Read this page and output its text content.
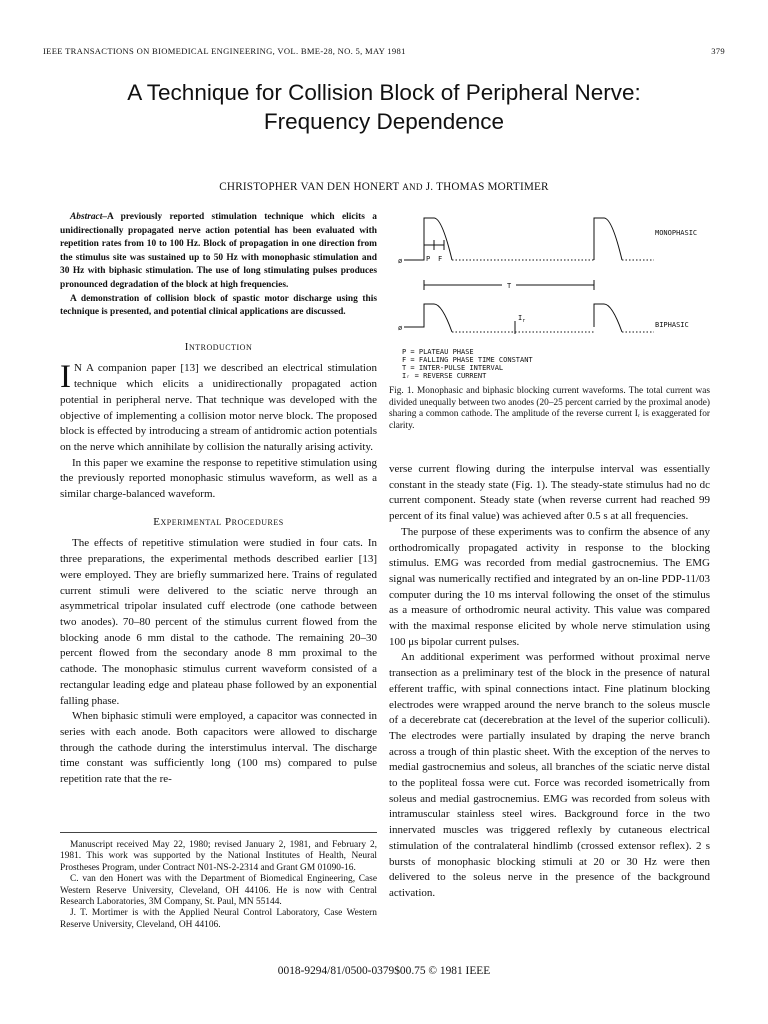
IEEE TRANSACTIONS ON BIOMEDICAL ENGINEERING, VOL. BME-28, NO. 5, MAY 1981	379
A Technique for Collision Block of Peripheral Nerve:
Frequency Dependence
CHRISTOPHER VAN DEN HONERT AND J. THOMAS MORTIMER

Abstract–A previously reported stimulation technique which elicits a unidirectionally propagated nerve action potential has been evaluated with repetition rates from 10 to 100 Hz. Block of propagation in one direction from the stimulus site was sustained up to 50 Hz with monophasic stimulation and 30 Hz with biphasic stimulation. The use of long stimulating pulses produces pronounced degradation of the block at high frequencies.

A demonstration of collision block of spastic motor discharge using this technique is presented, and potential clinical applications are discussed.

Introduction

I N A companion paper [13] we described an electrical stimulation technique which elicits a unidirectionally propagated action potential in peripheral nerve. That technique was developed with the objective of implementing a collision motor nerve block. The proposed block is effected by introducing a stream of antidromic action potentials on the nerve which annihilate by collision the naturally arising activity.

In this paper we examine the response to repetitive stimulation using the previously reported monophasic stimulus waveform, as well as a similar charge-balanced waveform.

Experimental Procedures

The effects of repetitive stimulation were studied in four cats. In three preparations, the experimental methods described earlier [13] were employed. They are briefly summarized here. Trains of regulated current stimuli were delivered to the sciatic nerve through an asymmetrical tripolar insulated cuff electrode (one cathode between two anodes). 70–80 percent of the stimulus current flowed from the blocking anode 6 mm distal to the cathode. The remaining 20–30 percent flowed from the secondary anode 8 mm proximal to the cathode. The monophasic stimulus current waveform consisted of a rectangular leading edge and plateau phase followed by an exponential falling phase.

When biphasic stimuli were employed, a capacitor was connected in series with each anode. Both capacitors were allowed to discharge through the cathode during the interstimulus interval. The discharge time constant was sufficiently long (100 ms) compared to pulse repetition rate that the re-

Manuscript received May 22, 1980; revised January 2, 1981, and February 2, 1981. This work was supported by the National Institutes of Health, Neural Prostheses Program, under Contract N01-NS-2-2314 and Grant GM 01090-16.

C. van den Honert was with the Department of Biomedical Engineering, Case Western Reserve University, Cleveland, OH 44106. He is now with Central Research Laboratories, 3M Company, St. Paul, MN 55144.

J. T. Mortimer is with the Applied Neural Control Laboratory, Case Western Reserve University, Cleveland, OH 44106.

ø
MONOPHASIC
P F
T
ø
$I_r$	BIPHASIC
P = PLATEAU PHASE
F = FALLING PHASE TIME CONSTANT
T = INTER-PULSE INTERVAL
Iᵣ = REVERSE CURRENT
Fig. 1. Monophasic and biphasic blocking current waveforms. The total current was divided unequally between two anodes (20–25 percent carried by the proximal anode) sharing a common cathode. The amplitude of the reverse current Iᵣ is exaggerated for clarity.

verse current flowing during the interpulse interval was essentially constant in the steady state (Fig. 1). The steady-state stimulus had no dc current component. Steady state (when reverse current had reached 99 percent of its final value) was achieved after 0.5 s at all frequencies.

The purpose of these experiments was to confirm the absence of any orthodromically propagated activity in response to the blocking stimulus. EMG was recorded from medial gastrocnemius. The EMG signal was numerically rectified and integrated by an on-line PDP-11/03 computer during the 10 ms interval following the onset of the stimulus as a measure of orthodromic neural activity. This value was compared with the maximal response elicited by whole nerve stimulation using 100 μs bipolar current pulses.

An additional experiment was performed without proximal nerve transection as a preliminary test of the block in the presence of natural efferent traffic, with spinal connections intact. Fine platinum blocking electrodes were wrapped around the nerve branch to the soleus muscle of a decerebrate cat (decerebration at the level of the superior colliculi). The electrodes were partially insulated by draping the nerve branch across a trough of thin plastic sheet. With the exception of the nerves to medial gastrocnemius and soleus, all branches of the sciatic nerve distal to the popliteal fossa were cut. Force was recorded isometrically from soleus and medial gastrocnemius. EMG was recorded from soleus with intramuscular stainless steel wires. Background force in the two innervated muscles was triggered reflexly by cutaneous electrical stimulation of the contralateral hindlimb (crossed extensor reflex). 2 s bursts of monophasic blocking stimuli at 20 or 30 Hz were then delivered to the soleus nerve in the presence of the background activation.

0018-9294/81/0500-0379$00.75 © 1981 IEEE
